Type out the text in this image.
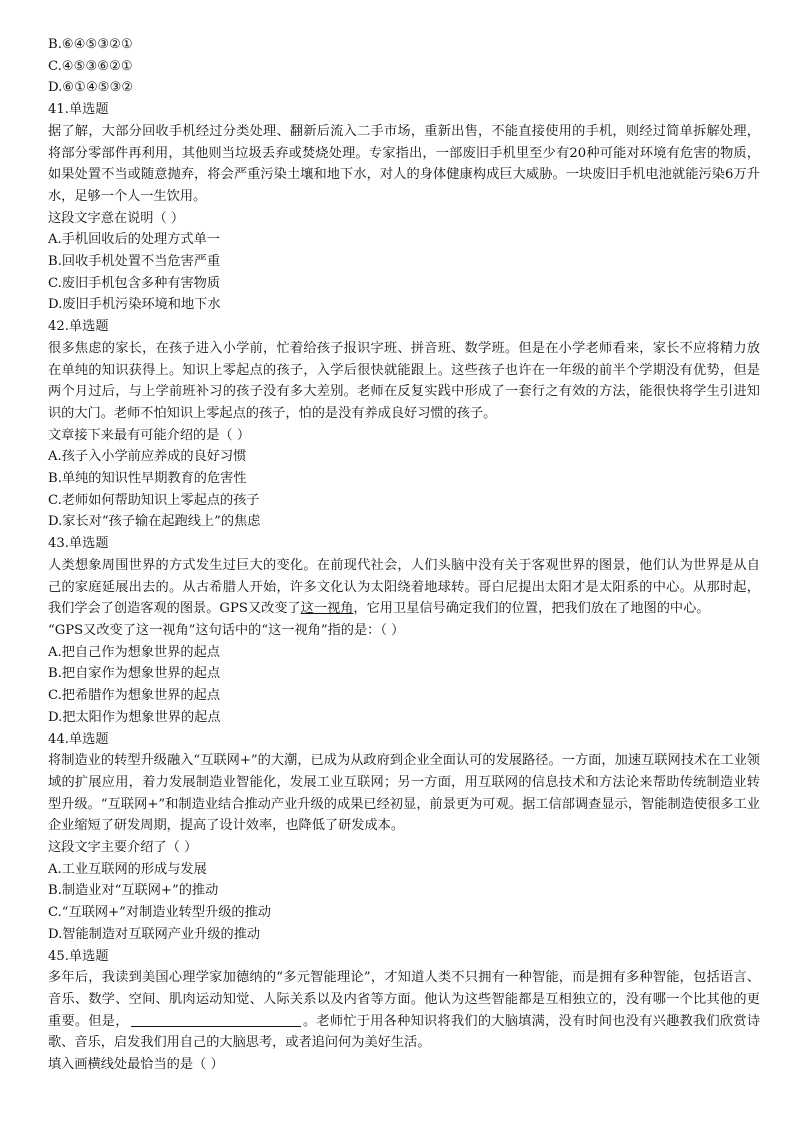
B.⑥④⑤③②①
C.④⑤③⑥②①
D.⑥①④⑤③②
41.单选题
据了解，大部分回收手机经过分类处理、翻新后流入二手市场，重新出售，不能直接使用的手机，则经过简单拆解处理，将部分零部件再利用，其他则当垃圾丢弃或焚烧处理。专家指出，一部废旧手机里至少有20种可能对环境有危害的物质，如果处置不当或随意抛弃，将会严重污染土壤和地下水，对人的身体健康构成巨大威胁。一块废旧手机电池就能污染6万升水，足够一个人一生饮用。
这段文字意在说明（ ）
A.手机回收后的处理方式单一
B.回收手机处置不当危害严重
C.废旧手机包含多种有害物质
D.废旧手机污染环境和地下水
42.单选题
很多焦虑的家长，在孩子进入小学前，忙着给孩子报识字班、拼音班、数学班。但是在小学老师看来，家长不应将精力放在单纯的知识获得上。知识上零起点的孩子，入学后很快就能跟上。这些孩子也许在一年级的前半个学期没有优势，但是两个月过后，与上学前班补习的孩子没有多大差别。老师在反复实践中形成了一套行之有效的方法，能很快将学生引进知识的大门。老师不怕知识上零起点的孩子，怕的是没有养成良好习惯的孩子。
文章接下来最有可能介绍的是（ ）
A.孩子入小学前应养成的良好习惯
B.单纯的知识性早期教育的危害性
C.老师如何帮助知识上零起点的孩子
D.家长对“孩子输在起跑线上”的焦虑
43.单选题
人类想象周围世界的方式发生过巨大的变化。在前现代社会，人们头脑中没有关于客观世界的图景，他们认为世界是从自己的家庭延展出去的。从古希腊人开始，许多文化认为太阳绕着地球转。哥白尼提出太阳才是太阳系的中心。从那时起，我们学会了创造客观的图景。GPS又改变了这一视角，它用卫星信号确定我们的位置，把我们放在了地图的中心。
“GPS又改变了这一视角”这句话中的“这一视角”指的是：（ ）
A.把自己作为想象世界的起点
B.把自家作为想象世界的起点
C.把希腊作为想象世界的起点
D.把太阳作为想象世界的起点
44.单选题
将制造业的转型升级融入“互联网+”的大潮，已成为从政府到企业全面认可的发展路径。一方面，加速互联网技术在工业领域的扩展应用，着力发展制造业智能化，发展工业互联网；另一方面，用互联网的信息技术和方法论来帮助传统制造业转型升级。“互联网+”和制造业结合推动产业升级的成果已经初显，前景更为可观。据工信部调查显示，智能制造使很多工业企业缩短了研发周期，提高了设计效率，也降低了研发成本。
这段文字主要介绍了（ ）
A.工业互联网的形成与发展
B.制造业对“互联网+”的推动
C.“互联网+”对制造业转型升级的推动
D.智能制造对互联网产业升级的推动
45.单选题
多年后，我读到美国心理学家加德纳的“多元智能理论”，才知道人类不只拥有一种智能，而是拥有多种智能，包括语言、音乐、数学、空间、肌肉运动知觉、人际关系以及内省等方面。他认为这些智能都是互相独立的，没有哪一个比其他的更重要。但是，	。老师忙于用各种知识将我们的大脑填满，没有时间也没有兴趣教我们欣赏诗歌、音乐，启发我们用自己的大脑思考，或者追问何为美好生活。
填入画横线处最恰当的是（ ）
